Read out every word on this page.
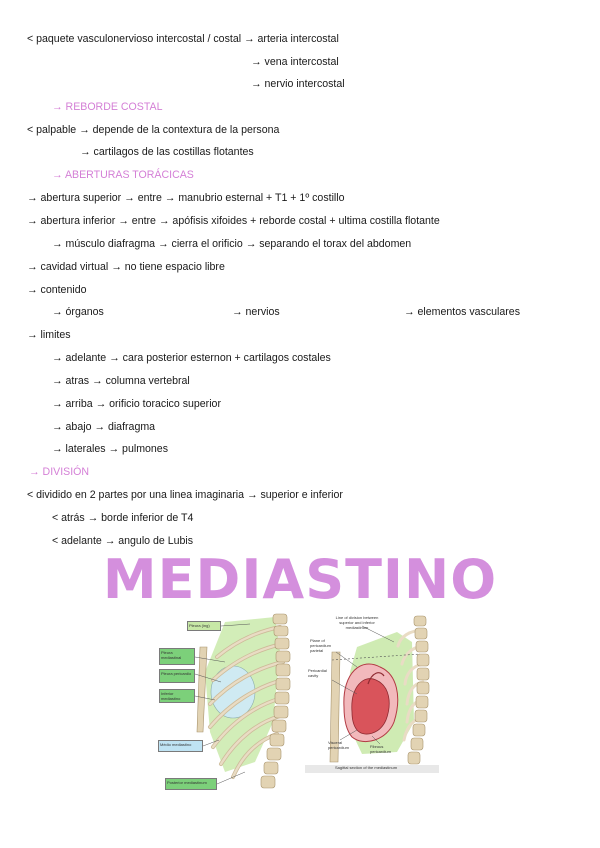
< paquete vasculonervioso intercostal / costal → arteria intercostal
→ vena intercostal
→ nervio intercostal
→ REBORDE COSTAL
< palpable → depende de la contextura de la persona
→ cartilagos de las costillas flotantes
→ ABERTURAS TORÁCICAS
→ abertura superior → entre → manubrio esternal + T1 + 1º costillo
→ abertura inferior → entre → apófisis xifoides + reborde costal + ultima costilla flotante
→ músculo diafragma → cierra el orificio → separando el torax del abdomen
→ cavidad virtual → no tiene espacio libre
→ contenido
→ órganos	→ nervios	→ elementos vasculares
→ limites
→ adelante → cara posterior esternon + cartilagos costales
→ atras → columna vertebral
→ arriba → orificio toracico superior
→ abajo → diafragma
→ laterales → pulmones
→ DIVISIÓN
< dividido en 2 partes por una linea imaginaria → superior e inferior
< atrás → borde inferior de T4
< adelante → angulo de Lubis
MEDIASTINO
Pleura (ing)
Pleura mediastinal
Pleura pericardio
Inferior mediastino
Médio mediastino
Posterior mediastinum
Line of division between superior and inferior mediastinum
Plane of pericardium parietal
Pericardial cavity
Visceral pericardium	Fibrous pericardium
Sagittal section of the mediastinum
